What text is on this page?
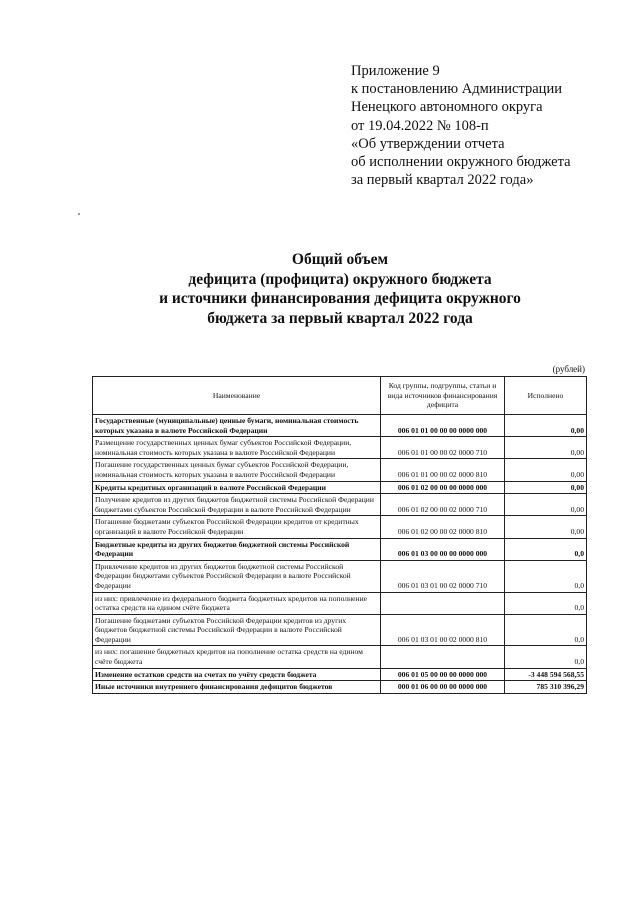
Приложение 9
к постановлению Администрации
Ненецкого автономного округа
от 19.04.2022 № 108-п
«Об утверждении отчета
об исполнении окружного бюджета
за первый квартал 2022 года»
Общий объем
дефицита (профицита) окружного бюджета
и источники финансирования дефицита окружного
бюджета за первый квартал 2022 года
(рублей)
Наименование	Код группы, подгруппы, статьи и вида источников финансирования дефицита	Исполнено
Государственные (муниципальные) ценные бумаги, номинальная стоимость которых указана в валюте Российской Федерации	006 01 01 00 00 00 0000 000	0,00
Размещение государственных ценных бумаг субъектов Российской Федерации, номинальная стоимость которых указана в валюте Российской Федерации	006 01 01 00 00 02 0000 710	0,00
Погашение государственных ценных бумаг субъектов Российской Федерации, номинальная стоимость которых указана в валюте Российской Федерации	006 01 01 00 00 02 0000 810	0,00
Кредиты кредитных организаций в валюте Российской Федерации	006 01 02 00 00 00 0000 000	0,00
Получение кредитов из других бюджетов бюджетной системы Российской Федерации бюджетами субъектов Российской Федерации в валюте Российской Федерации	006 01 02 00 00 02 0000 710	0,00
Погашение бюджетами субъектов Российской Федерации кредитов от кредитных организаций в валюте Российской Федерации	006 01 02 00 00 02 0000 810	0,00
Бюджетные кредиты из других бюджетов бюджетной системы Российской Федерации	006 01 03 00 00 00 0000 000	0,0
Привлечение кредитов из других бюджетов бюджетной системы Российской Федерации бюджетами субъектов Российской Федерации в валюте Российской Федерации	006 01 03 01 00 02 0000 710	0,0
из них: привлечение из федерального бюджета бюджетных кредитов на пополнение остатка средств на едином счёте бюджета		0,0
Погашение бюджетами субъектов Российской Федерации кредитов из других бюджетов бюджетной системы Российской Федерации в валюте Российской Федерации	006 01 03 01 00 02 0000 810	0,0
из них: погашение бюджетных кредитов на пополнение остатка средств на едином счёте бюджета		0,0
Изменение остатков средств на счетах по учёту средств бюджета	006 01 05 00 00 00 0000 000	-3 448 594 568,55
Иные источники внутреннего финансирования дефицитов бюджетов	000 01 06 00 00 00 0000 000	785 310 396,29
